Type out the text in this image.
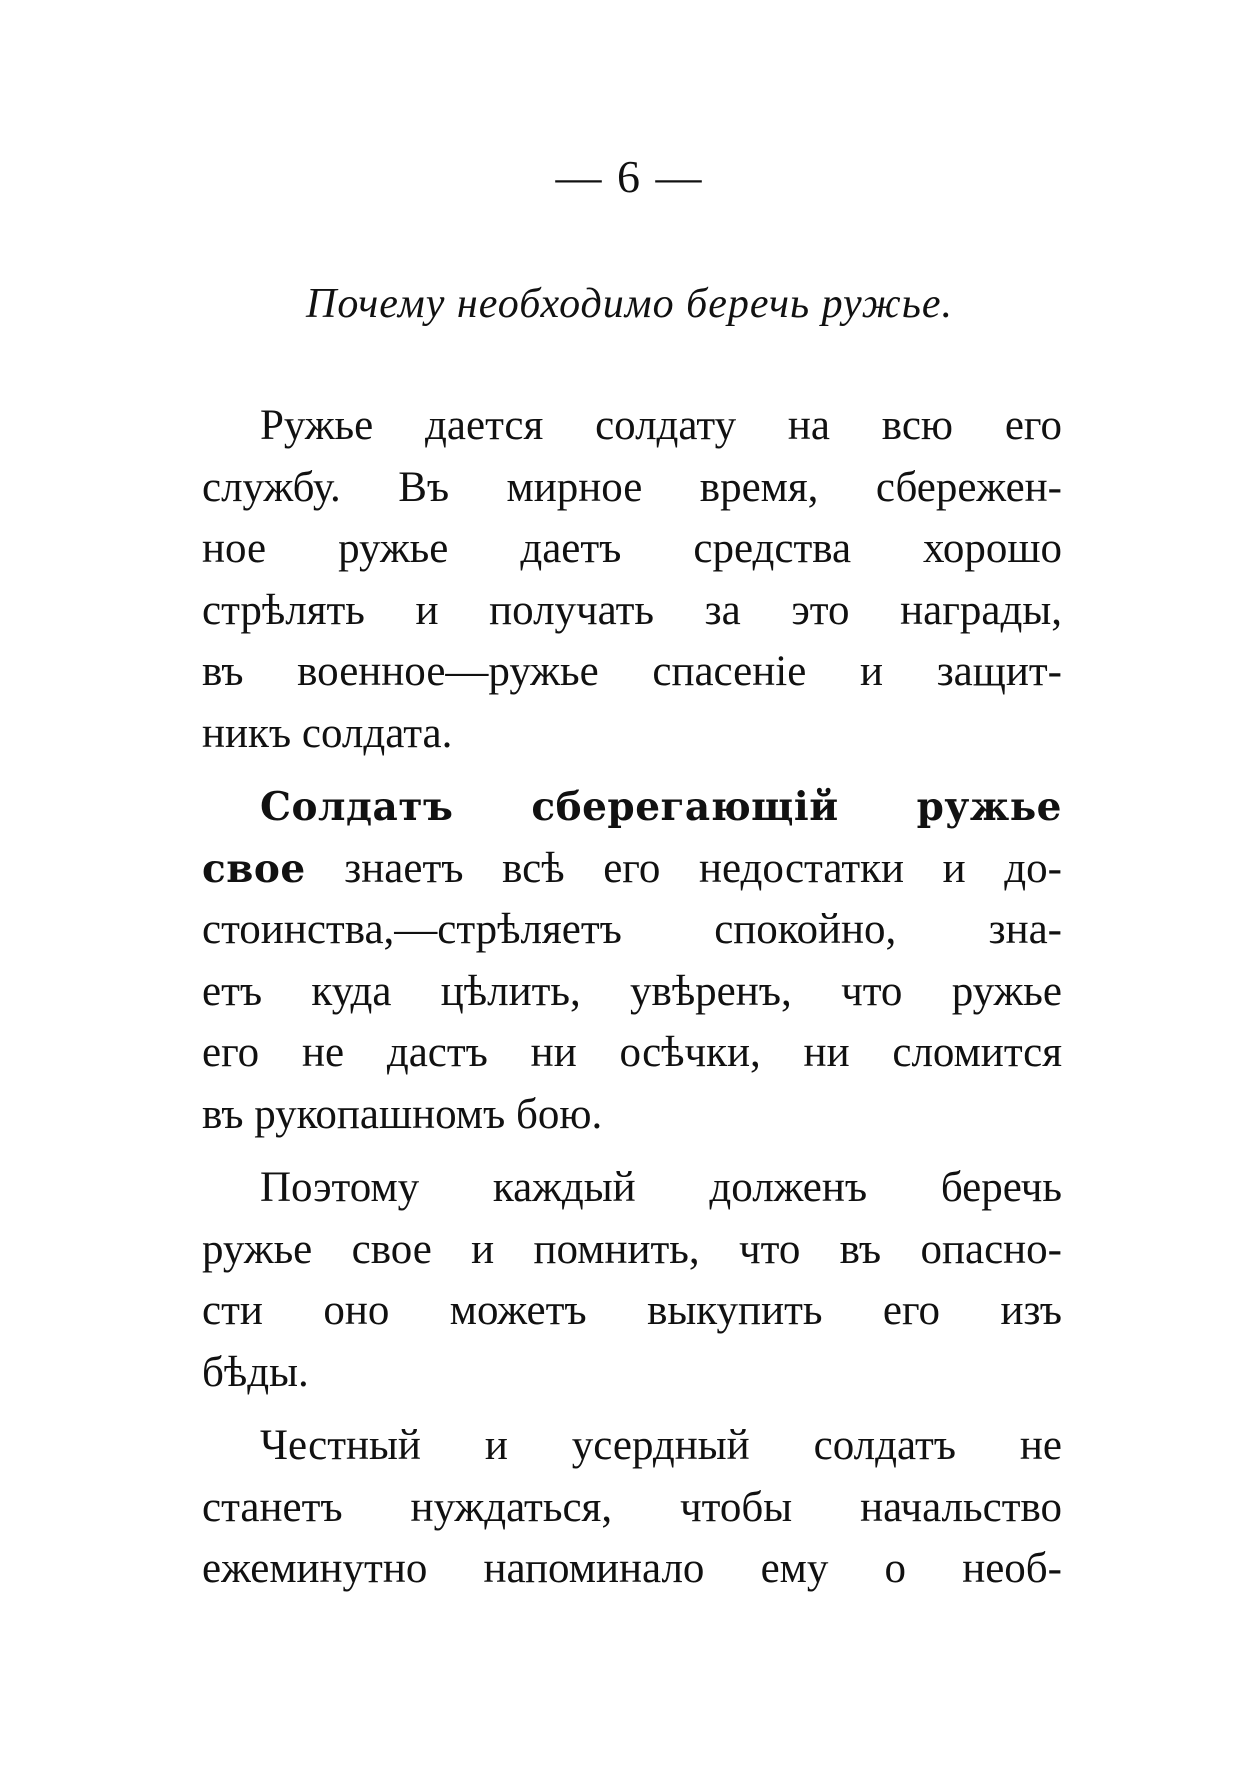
— 6 —
Почему необходимо беречь ружье.
Ружье дается солдату на всю его
службу. Въ мирное время, сбережен-
ное ружье даетъ средства хорошо
стрѣлять и получать за это награды,
въ военное—ружье спасеніе и защит-
никъ солдата.
Солдатъ сберегающій ружье
свое знаетъ всѣ его недостатки и до-
стоинства,—стрѣляетъ спокойно, зна-
етъ куда цѣлить, увѣренъ, что ружье
его не дастъ ни осѣчки, ни сломится
въ рукопашномъ бою.
Поэтому каждый долженъ беречь
ружье свое и помнить, что въ опасно-
сти оно можетъ выкупить его изъ
бѣды.
Честный и усердный солдатъ не
станетъ нуждаться, чтобы начальство
ежеминутно напоминало ему о необ-
